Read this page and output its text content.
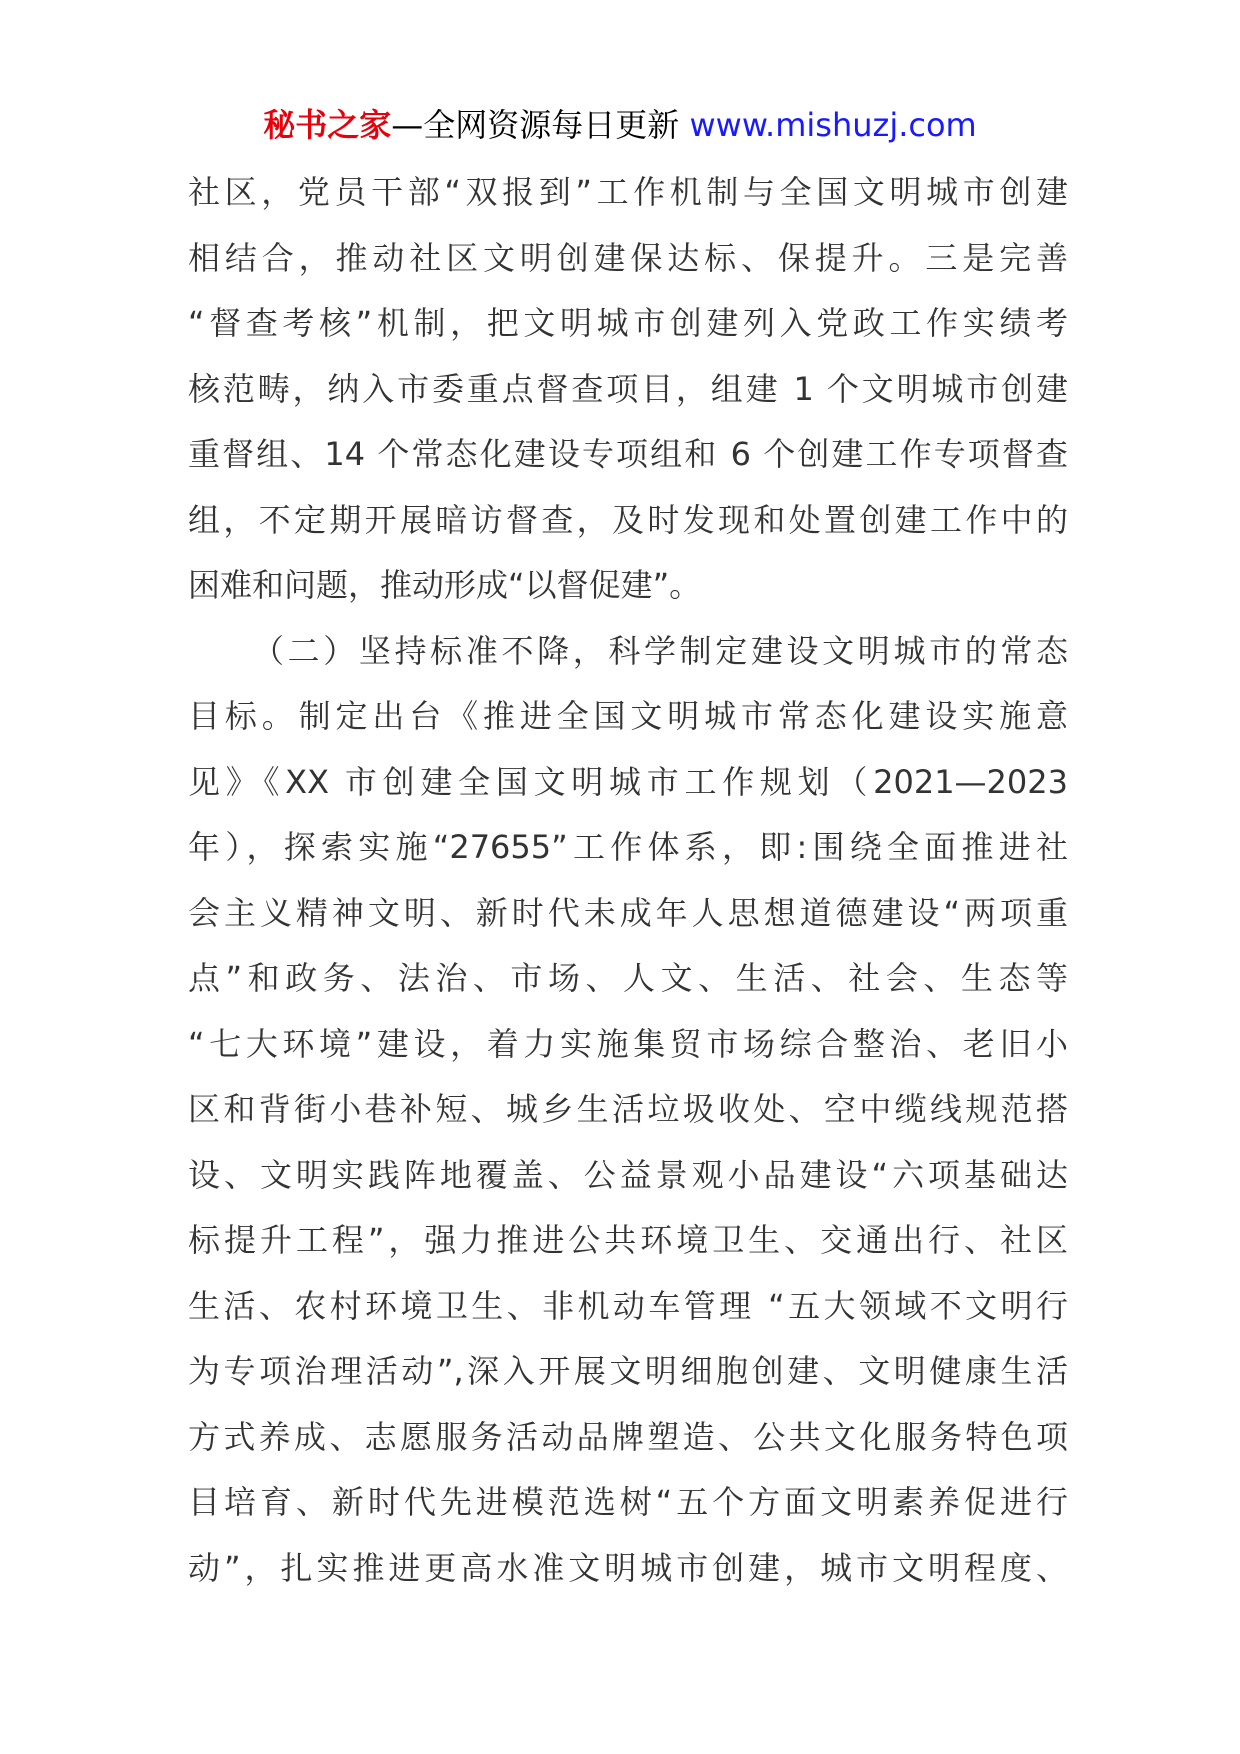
秘书之家—全网资源每日更新 www.mishuzj.com
社区，党员干部“双报到”工作机制与全国文明城市创建
相结合，推动社区文明创建保达标、保提升。三是完善
“督查考核”机制，把文明城市创建列入党政工作实绩考
核范畴，纳入市委重点督查项目，组建 1 个文明城市创建
重督组、14 个常态化建设专项组和 6 个创建工作专项督查
组，不定期开展暗访督查，及时发现和处置创建工作中的
困难和问题，推动形成“以督促建”。
（二）坚持标准不降，科学制定建设文明城市的常态
目标。制定出台《推进全国文明城市常态化建设实施意
见》《XX 市创建全国文明城市工作规划（2021—2023
年），探索实施“27655”工作体系，即:围绕全面推进社
会主义精神文明、新时代未成年人思想道德建设“两项重
点”和政务、法治、市场、人文、生活、社会、生态等
“七大环境”建设，着力实施集贸市场综合整治、老旧小
区和背街小巷补短、城乡生活垃圾收处、空中缆线规范搭
设、文明实践阵地覆盖、公益景观小品建设“六项基础达
标提升工程”，强力推进公共环境卫生、交通出行、社区
生活、农村环境卫生、非机动车管理 “五大领域不文明行
为专项治理活动”,深入开展文明细胞创建、文明健康生活
方式养成、志愿服务活动品牌塑造、公共文化服务特色项
目培育、新时代先进模范选树“五个方面文明素养促进行
动”，扎实推进更高水准文明城市创建，城市文明程度、
